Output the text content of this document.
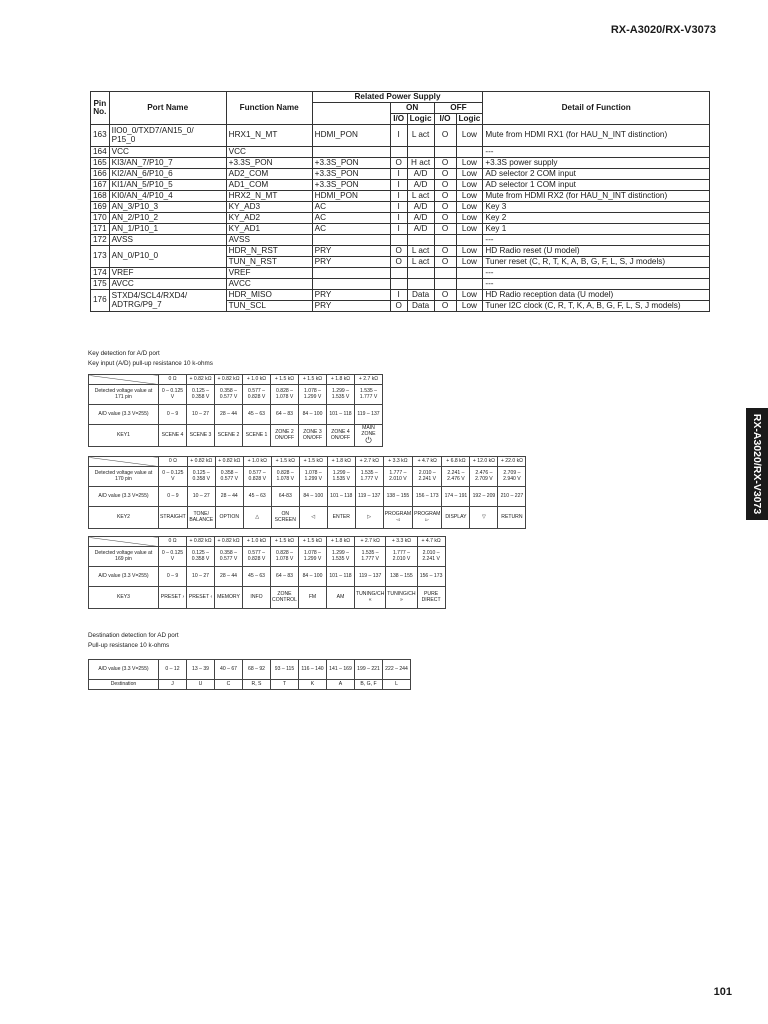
RX-A3020/RX-V3073
RX-A3020/RX-V3073
Pin No.	Port Name	Function Name	Related Power Supply					Detail of Function
				ON		OFF		
				I/O	Logic	I/O	Logic	
163	IIO0_0/TXD7/AN15_0/
P15_0	HRX1_N_MT	HDMI_PON	I	L act	O	Low	Mute from HDMI RX1 (for HAU_N_INT distinction)
164	VCC	VCC						---
165	KI3/AN_7/P10_7	+3.3S_PON	+3.3S_PON	O	H act	O	Low	+3.3S power supply
166	KI2/AN_6/P10_6	AD2_COM	+3.3S_PON	I	A/D	O	Low	AD selector 2 COM input
167	KI1/AN_5/P10_5	AD1_COM	+3.3S_PON	I	A/D	O	Low	AD selector 1 COM input
168	KI0/AN_4/P10_4	HRX2_N_MT	HDMI_PON	I	L act	O	Low	Mute from HDMI RX2 (for HAU_N_INT distinction)
169	AN_3/P10_3	KY_AD3	AC	I	A/D	O	Low	Key 3
170	AN_2/P10_2	KY_AD2	AC	I	A/D	O	Low	Key 2
171	AN_1/P10_1	KY_AD1	AC	I	A/D	O	Low	Key 1
172	AVSS	AVSS						---
173	AN_0/P10_0	HDR_N_RST	PRY	O	L act	O	Low	HD Radio reset (U model)
		TUN_N_RST	PRY	O	L act	O	Low	Tuner reset (C, R, T, K, A, B, G, F, L, S, J models)
174	VREF	VREF						---
175	AVCC	AVCC						---
176	STXD4/SCL4/RXD4/
ADTRG/P9_7	HDR_MISO	PRY	I	Data	O	Low	HD Radio reception data (U model)
		TUN_SCL	PRY	O	Data	O	Low	Tuner I2C clock (C, R, T, K, A, B, G, F, L, S, J models)
Key detection for A/D port
Key input (A/D) pull-up resistance 10 k-ohms
	0 Ω	+ 0.82 kΩ	+ 0.82 kΩ	+ 1.0 kΩ	+ 1.5 kΩ	+ 1.5 kΩ	+ 1.8 kΩ	+ 2.7 kΩ
Detected voltage value at 171 pin	0 – 0.125 V	0.125 – 0.358 V	0.358 – 0.577 V	0.577 – 0.828 V	0.828 – 1.078 V	1.078 – 1.299 V	1.299 – 1.535 V	1.535 – 1.777 V
A/D value (3.3 V=255)	0 – 9	10 – 27	28 – 44	45 – 63	64 – 83	84 – 100	101 – 118	119 – 137
KEY1	SCENE 4	SCENE 3	SCENE 2	SCENE 1	ZONE 2 ON/OFF	ZONE 3 ON/OFF	ZONE 4 ON/OFF	MAIN ZONE
⏻
	0 Ω	+ 0.82 kΩ	+ 0.82 kΩ	+ 1.0 kΩ	+ 1.5 kΩ	+ 1.5 kΩ	+ 1.8 kΩ	+ 2.7 kΩ	+ 3.3 kΩ	+ 4.7 kΩ	+ 6.8 kΩ	+ 12.0 kΩ	+ 22.0 kΩ
Detected voltage value at 170 pin	0 – 0.125 V	0.125 – 0.358 V	0.358 – 0.577 V	0.577 – 0.828 V	0.828 – 1.078 V	1.078 – 1.299 V	1.299 – 1.535 V	1.535 – 1.777 V	1.777 – 2.010 V	2.010 – 2.241 V	2.241 – 2.476 V	2.476 – 2.709 V	2.709 – 2.940 V
A/D value (3.3 V=255)	0 – 9	10 – 27	28 – 44	45 – 63	64-83	84 – 100	101 – 118	119 – 137	138 – 155	156 – 173	174 – 191	192 – 209	210 – 227
KEY2	STRAIGHT	TONE/ BALANCE	OPTION	△	ON SCREEN	◁	ENTER	▷	PROGRAM ◅	PROGRAM ▻	DISPLAY	▽	RETURN
	0 Ω	+ 0.82 kΩ	+ 0.82 kΩ	+ 1.0 kΩ	+ 1.5 kΩ	+ 1.5 kΩ	+ 1.8 kΩ	+ 2.7 kΩ	+ 3.3 kΩ	+ 4.7 kΩ
Detected voltage value at 169 pin	0 – 0.125 V	0.125 – 0.358 V	0.358 – 0.577 V	0.577 – 0.828 V	0.828 – 1.078 V	1.078 – 1.299 V	1.299 – 1.535 V	1.535 – 1.777 V	1.777 – 2.010 V	2.010 – 2.241 V
A/D value (3.3 V=255)	0 – 9	10 – 27	28 – 44	45 – 63	64 – 83	84 – 100	101 – 118	119 – 137	138 – 155	156 – 173
KEY3	PRESET ›	PRESET ‹	MEMORY	INFO	ZONE CONTROL	FM	AM	TUNING/CH «	TUNING/CH »	PURE DIRECT
Destination detection for AD port
Pull-up resistance 10 k-ohms
A/D value (3.3 V=255)	0 – 12	13 – 39	40 – 67	68 – 92	93 – 115	116 – 140	141 – 169	199 – 221	222 – 244
Destination	J	U	C	R, S	T	K	A	B, G, F	L
101
